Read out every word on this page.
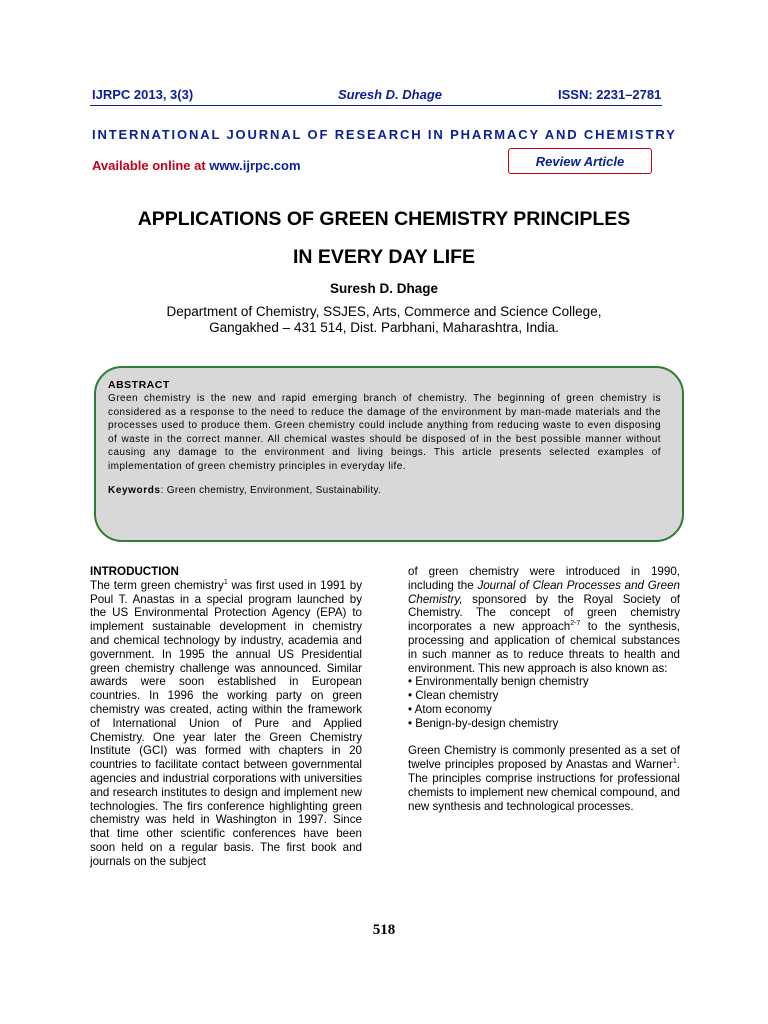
IJRPC 2013, 3(3)	Suresh D. Dhage	ISSN: 2231–2781
INTERNATIONAL JOURNAL OF RESEARCH IN PHARMACY AND CHEMISTRY
Available online at www.ijrpc.com	Review Article
APPLICATIONS OF GREEN CHEMISTRY PRINCIPLES
IN EVERY DAY LIFE
Suresh D. Dhage
Department of Chemistry, SSJES, Arts, Commerce and Science College,
Gangakhed – 431 514, Dist. Parbhani, Maharashtra, India.

ABSTRACT

Green chemistry is the new and rapid emerging branch of chemistry. The beginning of green chemistry is considered as a response to the need to reduce the damage of the environment by man-made materials and the processes used to produce them. Green chemistry could include anything from reducing waste to even disposing of waste in the correct manner. All chemical wastes should be disposed of in the best possible manner without causing any damage to the environment and living beings. This article presents selected examples of implementation of green chemistry principles in everyday life.

Keywords: Green chemistry, Environment, Sustainability.

INTRODUCTION

The term green chemistry$^1$ was first used in 1991 by Poul T. Anastas in a special program launched by the US Environmental Protection Agency (EPA) to implement sustainable development in chemistry and chemical technology by industry, academia and government. In 1995 the annual US Presidential green chemistry challenge was announced. Similar awards were soon established in European countries. In 1996 the working party on green chemistry was created, acting within the framework of International Union of Pure and Applied Chemistry. One year later the Green Chemistry Institute (GCI) was formed with chapters in 20 countries to facilitate contact between governmental agencies and industrial corporations with universities and research institutes to design and implement new technologies. The firs conference highlighting green chemistry was held in Washington in 1997. Since that time other scientific conferences have been soon held on a regular basis. The first book and journals on the subject

of green chemistry were introduced in 1990, including the Journal of Clean Processes and Green Chemistry, sponsored by the Royal Society of Chemistry. The concept of green chemistry incorporates a new approach$^{2-7}$ to the synthesis, processing and application of chemical substances in such manner as to reduce threats to health and environment. This new approach is also known as:

• Environmentally benign chemistry
• Clean chemistry
• Atom economy
• Benign-by-design chemistry

Green Chemistry is commonly presented as a set of twelve principles proposed by Anastas and Warner$^1$. The principles comprise instructions for professional chemists to implement new chemical compound, and new synthesis and technological processes.

518
